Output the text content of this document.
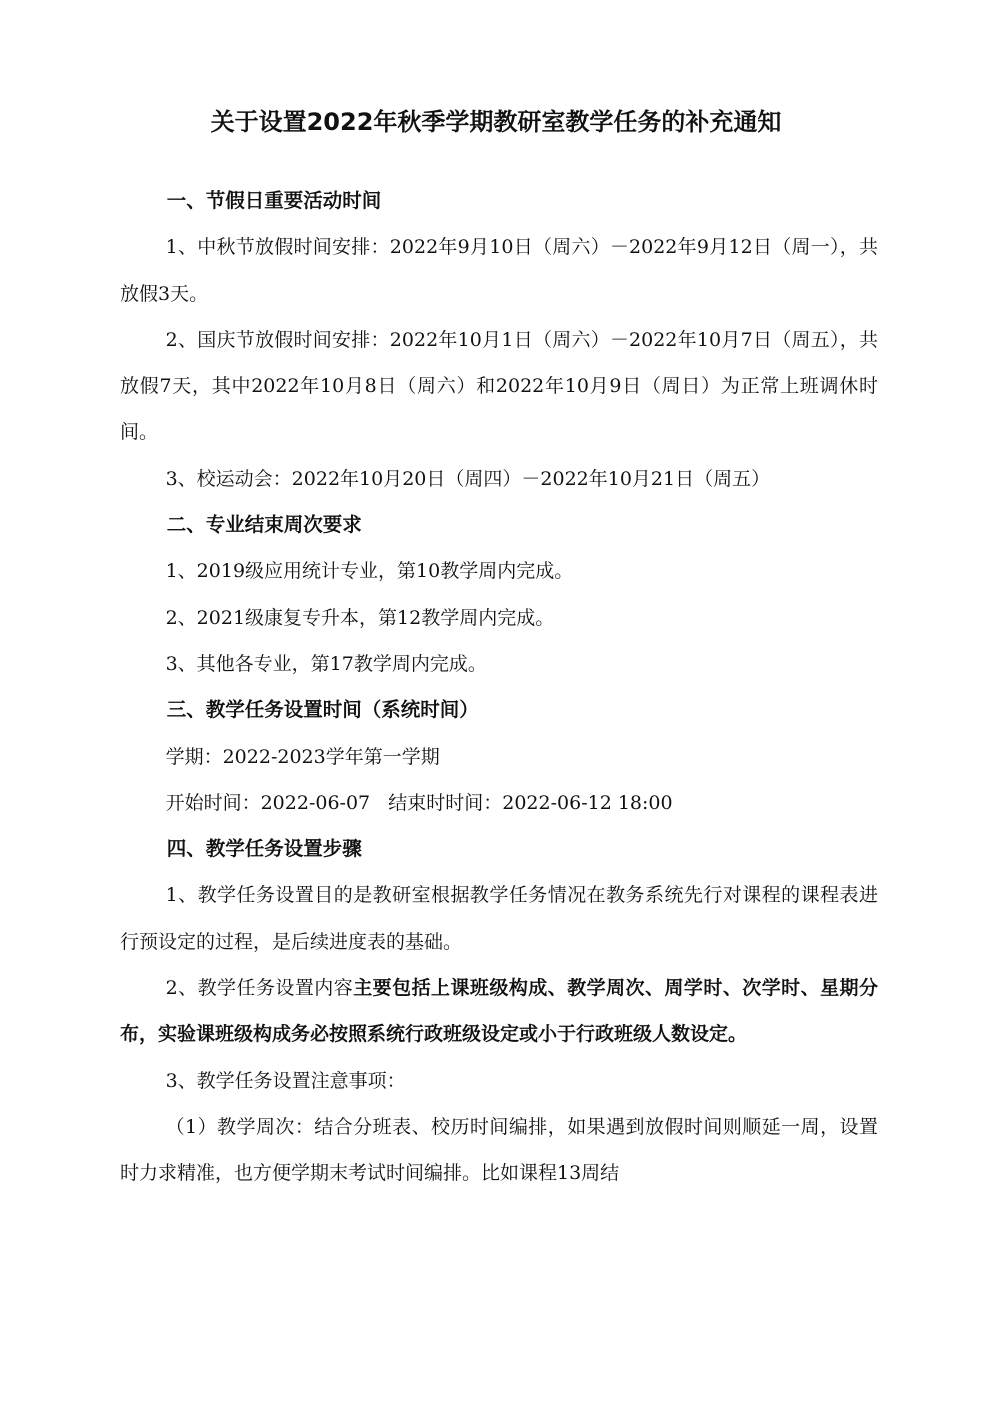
关于设置2022年秋季学期教研室教学任务的补充通知
一、节假日重要活动时间
1、中秋节放假时间安排：2022年9月10日（周六）－2022年9月12日（周一），共放假3天。
2、国庆节放假时间安排：2022年10月1日（周六）－2022年10月7日（周五），共放假7天，其中2022年10月8日（周六）和2022年10月9日（周日）为正常上班调休时间。
3、校运动会：2022年10月20日（周四）－2022年10月21日（周五）
二、专业结束周次要求
1、2019级应用统计专业，第10教学周内完成。
2、2021级康复专升本，第12教学周内完成。
3、其他各专业，第17教学周内完成。
三、教学任务设置时间（系统时间）
学期：2022-2023学年第一学期
开始时间：2022-06-07   结束时时间：2022-06-12 18:00
四、教学任务设置步骤
1、教学任务设置目的是教研室根据教学任务情况在教务系统先行对课程的课程表进行预设定的过程，是后续进度表的基础。
2、教学任务设置内容主要包括上课班级构成、教学周次、周学时、次学时、星期分布，实验课班级构成务必按照系统行政班级设定或小于行政班级人数设定。
3、教学任务设置注意事项：
（1）教学周次：结合分班表、校历时间编排，如果遇到放假时间则顺延一周，设置时力求精准，也方便学期末考试时间编排。比如课程13周结
